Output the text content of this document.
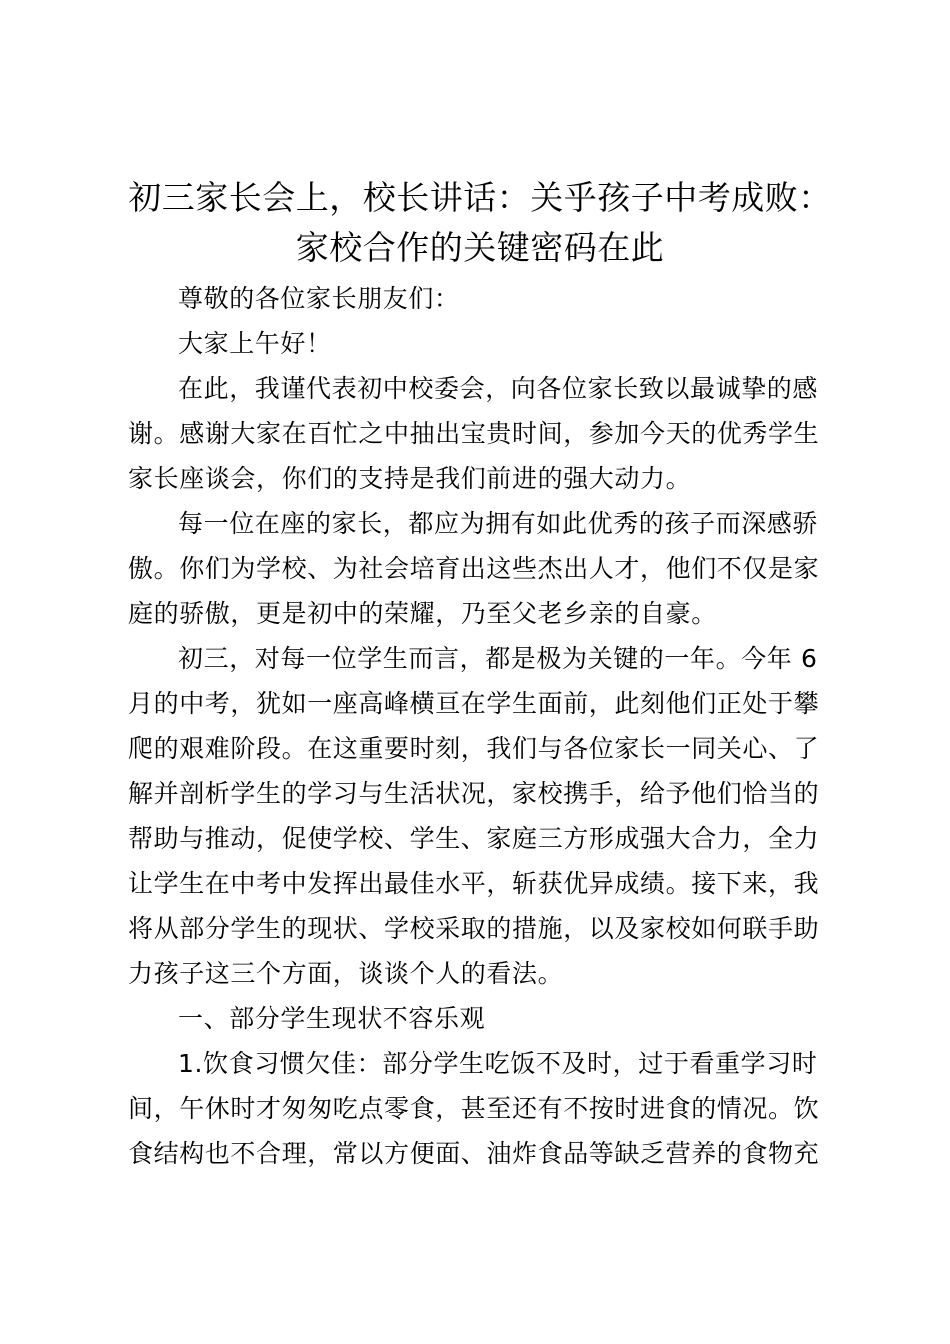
初三家长会上，校长讲话：关乎孩子中考成败：
家校合作的关键密码在此
尊敬的各位家长朋友们：
大家上午好！
在此，我谨代表初中校委会，向各位家长致以最诚挚的感
谢。感谢大家在百忙之中抽出宝贵时间，参加今天的优秀学生
家长座谈会，你们的支持是我们前进的强大动力。
每一位在座的家长，都应为拥有如此优秀的孩子而深感骄
傲。你们为学校、为社会培育出这些杰出人才，他们不仅是家
庭的骄傲，更是初中的荣耀，乃至父老乡亲的自豪。
初三，对每一位学生而言，都是极为关键的一年。今年 6
月的中考，犹如一座高峰横亘在学生面前，此刻他们正处于攀
爬的艰难阶段。在这重要时刻，我们与各位家长一同关心、了
解并剖析学生的学习与生活状况，家校携手，给予他们恰当的
帮助与推动，促使学校、学生、家庭三方形成强大合力，全力
让学生在中考中发挥出最佳水平，斩获优异成绩。接下来，我
将从部分学生的现状、学校采取的措施，以及家校如何联手助
力孩子这三个方面，谈谈个人的看法。
一、部分学生现状不容乐观
1.饮食习惯欠佳：部分学生吃饭不及时，过于看重学习时
间，午休时才匆匆吃点零食，甚至还有不按时进食的情况。饮
食结构也不合理，常以方便面、油炸食品等缺乏营养的食物充
